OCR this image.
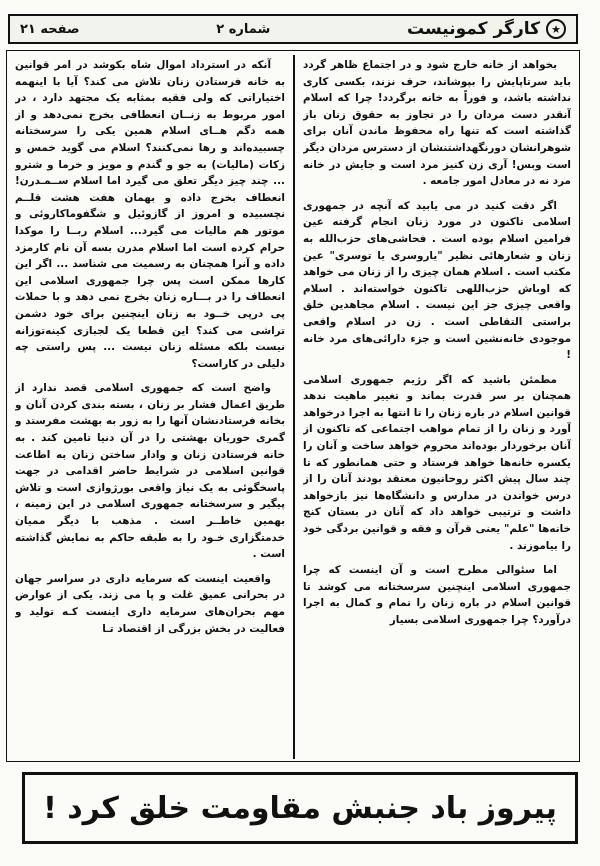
★
کارگر کمونیست
شماره ۲
صفحه ۲۱

بخواهد از خانه خارج شود و در اجتماع ظاهر گردد باید سرتاپایش را بپوشاند، حرف نزند، بکسی کاری نداشته باشد، و فوراً به خانه برگردد! چرا که اسلام آنقدر دست مردان را در تجاوز به حقوق زنان باز گذاشته است که تنها راه محفوظ ماندن آنان برای شوهرانشان دورنگهداشتنشان از دسترس مردان دیگر است وبس! آری زن کنیز مرد است و جایش در خانه مرد نه در معادل امور جامعه .

اگر دقت کنید در می یابید که آنچه در جمهوری اسلامی تاکنون در مورد زنان انجام گرفته عین فرامین اسلام بوده است . فحاشی‌های حزب‌الله به زنان و شعارهائی نظیر "یاروسری یا توسری" عین مکتب است . اسلام همان چیزی را از زنان می خواهد که اوباش حزب‌اللهی تاکنون خواسته‌اند . اسلام واقعی چیزی جز این نیست . اسلام مجاهدین خلق براستی التقاطی است . زن در اسلام واقعی موجودی خانه‌نشین است و جزء دارائی‌های مرد خانه !

مطمئن باشید که اگر رژیم جمهوری اسلامی همچنان بر سر قدرت بماند و تغییر ماهیت ندهد قوانین اسلام در باره زنان را تا انتها به اجرا درخواهد آورد و زنان را از تمام مواهب اجتماعی که تاکنون از آنان برخوردار بوده‌اند محروم خواهد ساخت و آنان را یکسره خانه‌ها خواهد فرستاد و حتی همانطور که تا چند سال پیش اکثر روحانیون معتقد بودند آنان را از درس خواندن در مدارس و دانشگاه‌ها نیز بازخواهد داشت و ترتیبی خواهد داد که آنان در بستان کنج خانه‌ها "علم" یعنی قرآن و فقه و قوانین بردگی خود را بیاموزند .

اما سئوالی مطرح است و آن اینست که چرا جمهوری اسلامی اینچنین سرسختانه می کوشد تا قوانین اسلام در باره زنان را تمام و کمال به اجرا درآورد؟ چرا جمهوری اسلامی بسیار

آنکه در استرداد اموال شاه بکوشد در امر قوانین به خانه فرستادن زنان تلاش می کند؟ آیا با اینهمه اختیاراتی که ولی فقیه بمثابه یک مجتهد دارد ، در امور مربوط به زنــان انعطافی بخرج نمی‌دهد و از همه دگم هــای اسلام همین یکی را سرسختانه چسبیده‌اند و رها نمی‌کنند؟ اسلام می گوید خمس و زکات (مالیات) به جو و گندم و مویز و خرما و شترو ... چند چیز دیگر تعلق می گیرد اما اسلام ســمـدرن! انعطاف بخرج داده و بهمان هفت هشت قلــم نچسبیده و امروز از گازوئیل و شگفوماکاروئی و موتور هم مالیات می گیرد... اسلام ربــا را موکدا حرام کرده است اما اسلام مدرن بسه آن نام کارمزد داده و آنرا همچنان به رسمیت می شناسد ... اگر این کارها ممکن است پس چرا جمهوری اسلامی این انعطاف را در بـــاره زنان بخرج نمی دهد و با حملات پی درپی خــود به زنان اینچنین برای خود دشمن تراشی می کند؟ این قطعا یک لجبازی کینه‌توزانه نیست بلکه مسئله زنان نیست ... پس راستی چه دلیلی در کاراست؟

واضح است که جمهوری اسلامی قصد ندارد از طریق اعمال فشار بر زنان ، بسته بندی کردن آنان و بخانه فرستادنشان آنها را به زور به بهشت مفرستد و گمری حوریان بهشتی را در آن دنیا تامین کند . به خانه فرستادن زنان و وادار ساختن زنان به اطاعت قوانین اسلامی در شرایط حاضر اقدامی در جهت پاسخگوئی به یک نیاز واقعی بورژوازی است و تلاش پیگیر و سرسختانه جمهوری اسلامی در این زمینه ، بهمین خاطــر است . مذهب با دیگر ممیان خدمتگزاری خـود را به طبقه حاکم به نمایش گذاشته است .

واقعیت اینست که سرمایه داری در سراسر جهان در بحرانی عمیق غلت و پا می زند. یکی از عوارض مهم بحران‌های سرمایه داری اینست کـه تولید و فعالیت در بخش بزرگی از اقتصاد تـا

پیروز باد جنبش مقاومت خلق کرد !
